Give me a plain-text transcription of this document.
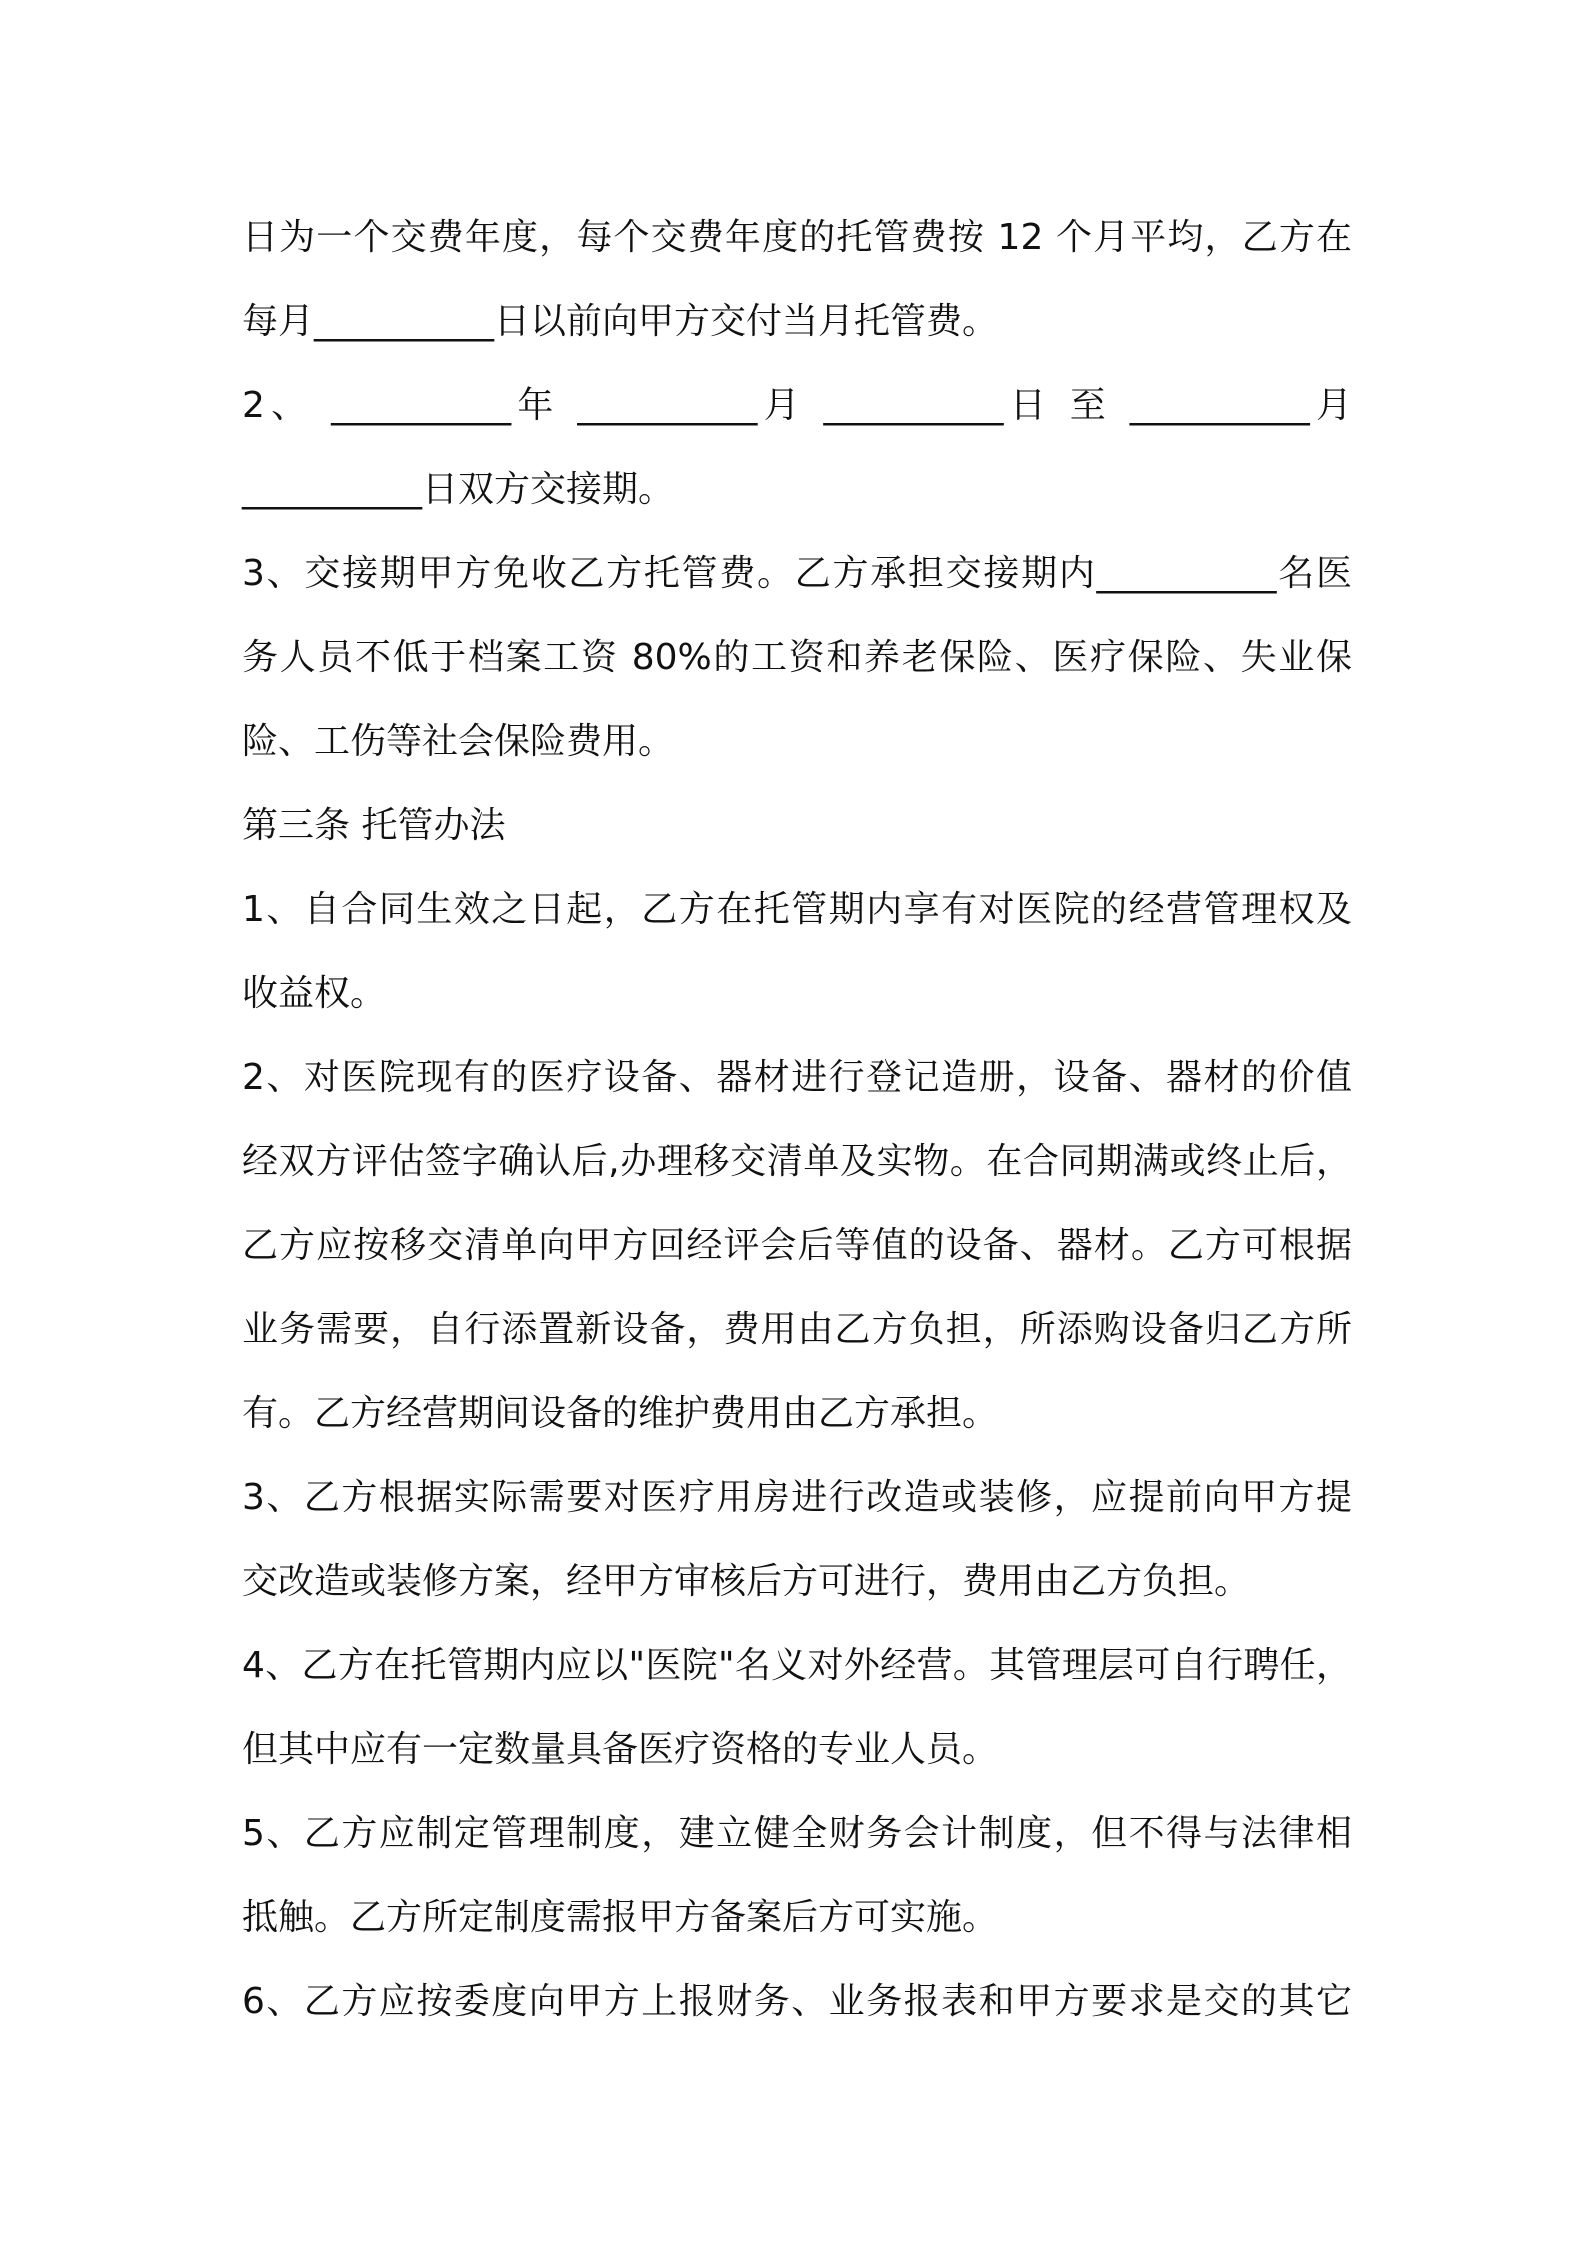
日为一个交费年度，每个交费年度的托管费按 12 个月平均，乙方在
每月__________日以前向甲方交付当月托管费。
2、 __________年 __________月 __________日 至 __________月
__________日双方交接期。
3、交接期甲方免收乙方托管费。乙方承担交接期内__________名医
务人员不低于档案工资 80%的工资和养老保险、医疗保险、失业保
险、工伤等社会保险费用。
第三条 托管办法
1、自合同生效之日起，乙方在托管期内享有对医院的经营管理权及
收益权。
2、对医院现有的医疗设备、器材进行登记造册，设备、器材的价值
经双方评估签字确认后,办理移交清单及实物。在合同期满或终止后，
乙方应按移交清单向甲方回经评会后等值的设备、器材。乙方可根据
业务需要，自行添置新设备，费用由乙方负担，所添购设备归乙方所
有。乙方经营期间设备的维护费用由乙方承担。
3、乙方根据实际需要对医疗用房进行改造或装修，应提前向甲方提
交改造或装修方案，经甲方审核后方可进行，费用由乙方负担。
4、乙方在托管期内应以"医院"名义对外经营。其管理层可自行聘任，
但其中应有一定数量具备医疗资格的专业人员。
5、乙方应制定管理制度，建立健全财务会计制度，但不得与法律相
抵触。乙方所定制度需报甲方备案后方可实施。
6、乙方应按委度向甲方上报财务、业务报表和甲方要求是交的其它
